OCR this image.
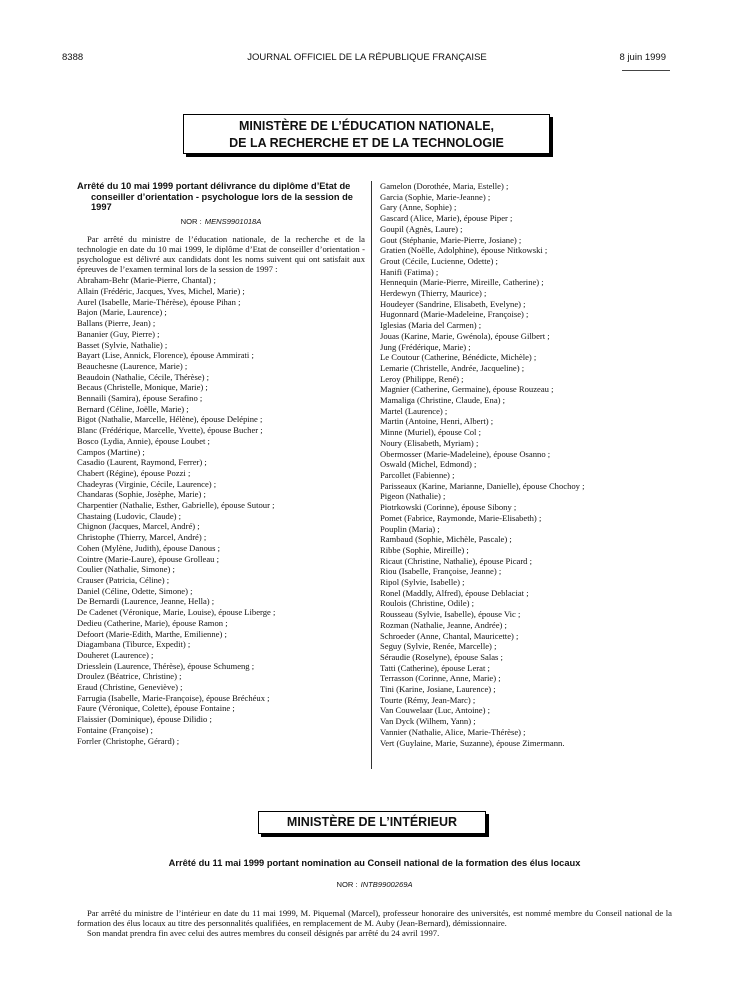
8388	JOURNAL OFFICIEL DE LA RÉPUBLIQUE FRANÇAISE	8 juin 1999
MINISTÈRE DE L’ÉDUCATION NATIONALE,
DE LA RECHERCHE ET DE LA TECHNOLOGIE

Arrêté du 10 mai 1999 portant délivrance du diplôme d’Etat de conseiller d’orientation - psychologue lors de la session de 1997

NOR : MENS9901018A

Par arrêté du ministre de l’éducation nationale, de la recherche et de la technologie en date du 10 mai 1999, le diplôme d’Etat de conseiller d’orientation - psychologue est délivré aux candidats dont les noms suivent qui ont satisfait aux épreuves de l’examen terminal lors de la session de 1997 :

Abraham-Behr (Marie-Pierre, Chantal) ;
Allain (Frédéric, Jacques, Yves, Michel, Marie) ;
Aurel (Isabelle, Marie-Thérèse), épouse Pihan ;
Bajon (Marie, Laurence) ;
Ballans (Pierre, Jean) ;
Bananier (Guy, Pierre) ;
Basset (Sylvie, Nathalie) ;
Bayart (Lise, Annick, Florence), épouse Ammirati ;
Beauchesne (Laurence, Marie) ;
Beaudoin (Nathalie, Cécile, Thérèse) ;
Becaus (Christelle, Monique, Marie) ;
Bennaili (Samira), épouse Serafino ;
Bernard (Céline, Joëlle, Marie) ;
Bigot (Nathalie, Marcelle, Hélène), épouse Delépine ;
Blanc (Frédérique, Marcelle, Yvette), épouse Bucher ;
Bosco (Lydia, Annie), épouse Loubet ;
Campos (Martine) ;
Casadio (Laurent, Raymond, Ferrer) ;
Chabert (Régine), épouse Pozzi ;
Chadeyras (Virginie, Cécile, Laurence) ;
Chandaras (Sophie, Josèphe, Marie) ;
Charpentier (Nathalie, Esther, Gabrielle), épouse Sutour ;
Chastaing (Ludovic, Claude) ;
Chignon (Jacques, Marcel, André) ;
Christophe (Thierry, Marcel, André) ;
Cohen (Mylène, Judith), épouse Danous ;
Cointre (Marie-Laure), épouse Grolleau ;
Coulier (Nathalie, Simone) ;
Crauser (Patricia, Céline) ;
Daniel (Céline, Odette, Simone) ;
De Bernardi (Laurence, Jeanne, Hella) ;
De Cadenet (Véronique, Marie, Louise), épouse Liberge ;
Dedieu (Catherine, Marie), épouse Ramon ;
Defoort (Marie-Edith, Marthe, Emilienne) ;
Diagambana (Tiburce, Expedit) ;
Douheret (Laurence) ;
Driesslein (Laurence, Thérèse), épouse Schumeng ;
Droulez (Béatrice, Christine) ;
Eraud (Christine, Geneviève) ;
Farrugia (Isabelle, Marie-Françoise), épouse Bréchéux ;
Faure (Véronique, Colette), épouse Fontaine ;
Flaissier (Dominique), épouse Dilidio ;
Fontaine (Françoise) ;
Forrler (Christophe, Gérard) ;
Gamelon (Dorothée, Maria, Estelle) ;
Garcia (Sophie, Marie-Jeanne) ;
Gary (Anne, Sophie) ;
Gascard (Alice, Marie), épouse Piper ;
Goupil (Agnès, Laure) ;
Gout (Stéphanie, Marie-Pierre, Josiane) ;
Gratien (Noëlle, Adolphine), épouse Nitkowski ;
Grout (Cécile, Lucienne, Odette) ;
Hanifi (Fatima) ;
Hennequin (Marie-Pierre, Mireille, Catherine) ;
Herdewyn (Thierry, Maurice) ;
Houdeyer (Sandrine, Elisabeth, Evelyne) ;
Hugonnard (Marie-Madeleine, Françoise) ;
Iglesias (Maria del Carmen) ;
Jouas (Karine, Marie, Gwénola), épouse Gilbert ;
Jung (Frédérique, Marie) ;
Le Coutour (Catherine, Bénédicte, Michèle) ;
Lemarie (Christelle, Andrée, Jacqueline) ;
Leroy (Philippe, René) ;
Magnier (Catherine, Germaine), épouse Rouzeau ;
Mamaliga (Christine, Claude, Ena) ;
Martel (Laurence) ;
Martin (Antoine, Henri, Albert) ;
Minne (Muriel), épouse Col ;
Noury (Elisabeth, Myriam) ;
Obermosser (Marie-Madeleine), épouse Osanno ;
Oswald (Michel, Edmond) ;
Parcollet (Fabienne) ;
Parisseaux (Karine, Marianne, Danielle), épouse Chochoy ;
Pigeon (Nathalie) ;
Piotrkowski (Corinne), épouse Sibony ;
Pomet (Fabrice, Raymonde, Marie-Elisabeth) ;
Pouplin (Maria) ;
Rambaud (Sophie, Michèle, Pascale) ;
Ribbe (Sophie, Mireille) ;
Ricaut (Christine, Nathalie), épouse Picard ;
Riou (Isabelle, Françoise, Jeanne) ;
Ripol (Sylvie, Isabelle) ;
Ronel (Maddly, Alfred), épouse Deblaciat ;
Roulois (Christine, Odile) ;
Rousseau (Sylvie, Isabelle), épouse Vic ;
Rozman (Nathalie, Jeanne, Andrée) ;
Schroeder (Anne, Chantal, Mauricette) ;
Seguy (Sylvie, Renée, Marcelle) ;
Séraudie (Roselyne), épouse Salas ;
Tatti (Catherine), épouse Lerat ;
Terrasson (Corinne, Anne, Marie) ;
Tini (Karine, Josiane, Laurence) ;
Tourte (Rémy, Jean-Marc) ;
Van Couwelaar (Luc, Antoine) ;
Van Dyck (Wilhem, Yann) ;
Vannier (Nathalie, Alice, Marie-Thérèse) ;
Vert (Guylaine, Marie, Suzanne), épouse Zimermann.
MINISTÈRE DE L’INTÉRIEUR
Arrêté du 11 mai 1999 portant nomination au Conseil national de la formation des élus locaux
NOR : INTB9900269A

Par arrêté du ministre de l’intérieur en date du 11 mai 1999, M. Piquemal (Marcel), professeur honoraire des universités, est nommé membre du Conseil national de la formation des élus locaux au titre des personnalités qualifiées, en remplacement de M. Auby (Jean-Bernard), démissionnaire.

Son mandat prendra fin avec celui des autres membres du conseil désignés par arrêté du 24 avril 1997.
